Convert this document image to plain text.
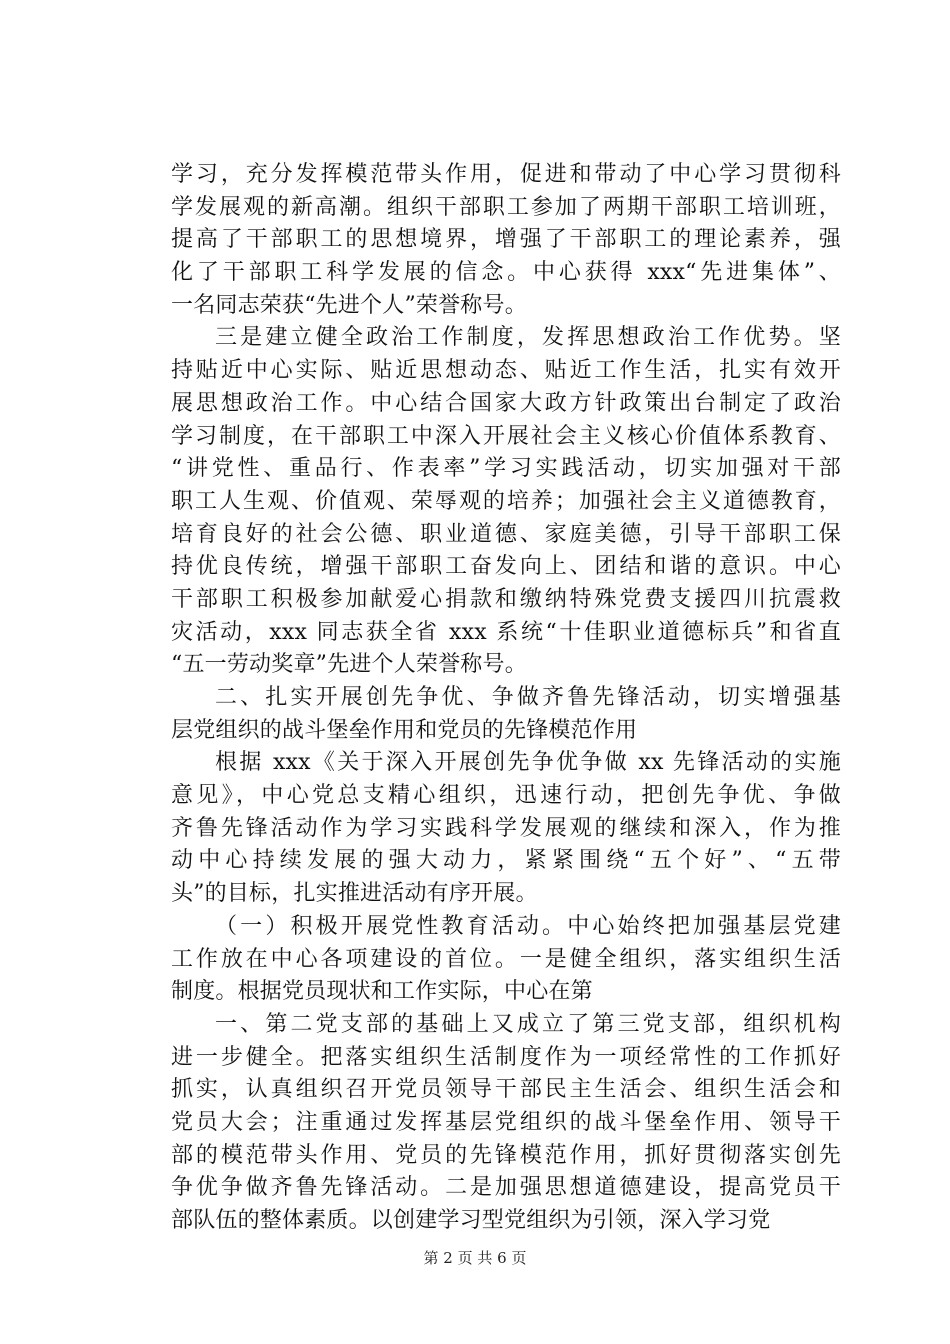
学习，充分发挥模范带头作用，促进和带动了中心学习贯彻科
学发展观的新高潮。组织干部职工参加了两期干部职工培训班，
提高了干部职工的思想境界，增强了干部职工的理论素养，强
化了干部职工科学发展的信念。中心获得 xxx“先进集体”、
一名同志荣获“先进个人”荣誉称号。
三是建立健全政治工作制度，发挥思想政治工作优势。坚
持贴近中心实际、贴近思想动态、贴近工作生活，扎实有效开
展思想政治工作。中心结合国家大政方针政策出台制定了政治
学习制度，在干部职工中深入开展社会主义核心价值体系教育、
“讲党性、重品行、作表率”学习实践活动，切实加强对干部
职工人生观、价值观、荣辱观的培养；加强社会主义道德教育，
培育良好的社会公德、职业道德、家庭美德，引导干部职工保
持优良传统，增强干部职工奋发向上、团结和谐的意识。中心
干部职工积极参加献爱心捐款和缴纳特殊党费支援四川抗震救
灾活动，xxx 同志获全省 xxx 系统“十佳职业道德标兵”和省直
“五一劳动奖章”先进个人荣誉称号。
二、扎实开展创先争优、争做齐鲁先锋活动，切实增强基
层党组织的战斗堡垒作用和党员的先锋模范作用
根据 xxx《关于深入开展创先争优争做 xx 先锋活动的实施
意见》，中心党总支精心组织，迅速行动，把创先争优、争做
齐鲁先锋活动作为学习实践科学发展观的继续和深入，作为推
动中心持续发展的强大动力，紧紧围绕“五个好”、“五带
头”的目标，扎实推进活动有序开展。
（一）积极开展党性教育活动。中心始终把加强基层党建
工作放在中心各项建设的首位。一是健全组织，落实组织生活
制度。根据党员现状和工作实际，中心在第
一、第二党支部的基础上又成立了第三党支部，组织机构
进一步健全。把落实组织生活制度作为一项经常性的工作抓好
抓实，认真组织召开党员领导干部民主生活会、组织生活会和
党员大会；注重通过发挥基层党组织的战斗堡垒作用、领导干
部的模范带头作用、党员的先锋模范作用，抓好贯彻落实创先
争优争做齐鲁先锋活动。二是加强思想道德建设，提高党员干
部队伍的整体素质。以创建学习型党组织为引领，深入学习党
第 2 页 共 6 页
